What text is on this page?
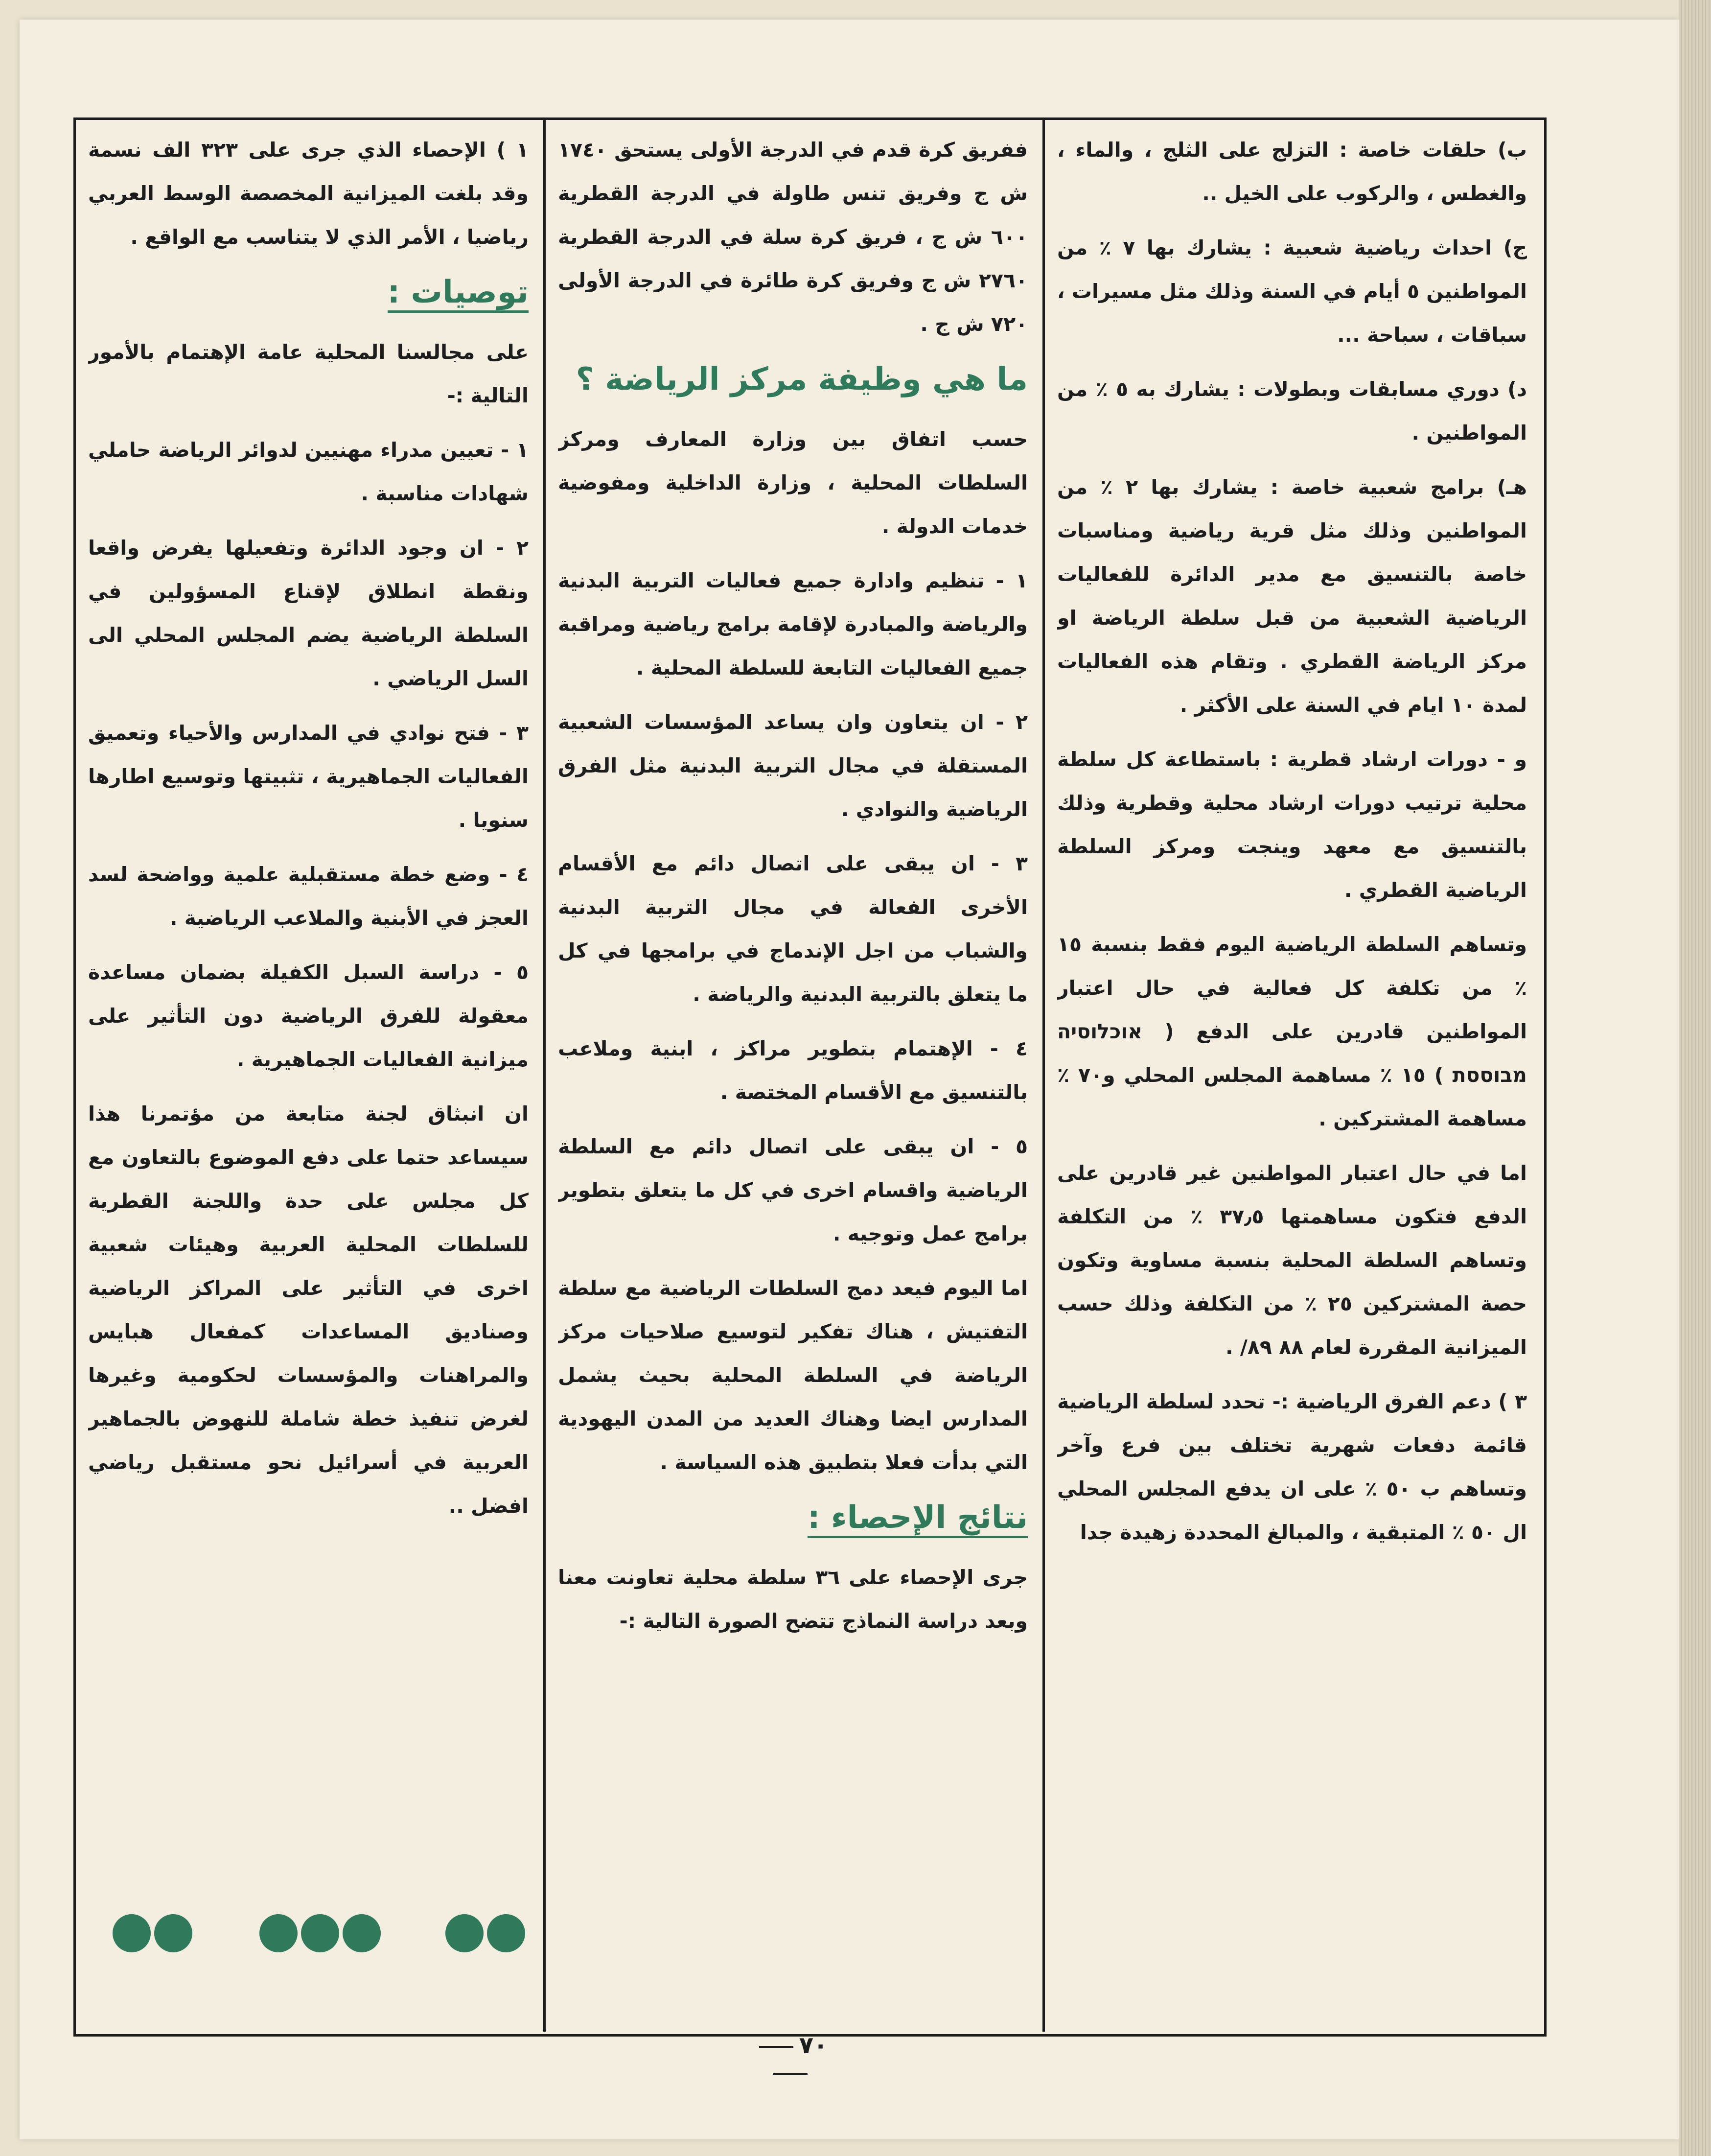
ب) حلقات خاصة : التزلج على الثلج ، والماء ، والغطس ، والركوب على الخيل ..

ج) احداث رياضية شعبية : يشارك بها ٧ ٪ من المواطنين ٥ أيام في السنة وذلك مثل مسيرات ، سباقات ، سباحة ...

د) دوري مسابقات وبطولات : يشارك به ٥ ٪ من المواطنين .

هـ) برامج شعبية خاصة : يشارك بها ٢ ٪ من المواطنين وذلك مثل قرية رياضية ومناسبات خاصة بالتنسيق مع مدير الدائرة للفعاليات الرياضية الشعبية من قبل سلطة الرياضة او مركز الرياضة القطري . وتقام هذه الفعاليات لمدة ١٠ ايام في السنة على الأكثر .

و - دورات ارشاد قطرية : باستطاعة كل سلطة محلية ترتيب دورات ارشاد محلية وقطرية وذلك بالتنسيق مع معهد وينجت ومركز السلطة الرياضية القطري .

وتساهم السلطة الرياضية اليوم فقط بنسبة ١٥ ٪ من تكلفة كل فعالية في حال اعتبار المواطنين قادرين على الدفع ( אוכלוסיה מבוססת ) ١٥ ٪ مساهمة المجلس المحلي و٧٠ ٪ مساهمة المشتركين .

اما في حال اعتبار المواطنين غير قادرين على الدفع فتكون مساهمتها ٣٧٫٥ ٪ من التكلفة وتساهم السلطة المحلية بنسبة مساوية وتكون حصة المشتركين ٢٥ ٪ من التكلفة وذلك حسب الميزانية المقررة لعام ٨٨ ٨٩/ .

٣ ) دعم الفرق الرياضية :- تحدد لسلطة الرياضية قائمة دفعات شهرية تختلف بين فرع وآخر وتساهم ب ٥٠ ٪ على ان يدفع المجلس المحلي ال ٥٠ ٪ المتبقية ، والمبالغ المحددة زهيدة جدا

ففريق كرة قدم في الدرجة الأولى يستحق ١٧٤٠ ش ج وفريق تنس طاولة في الدرجة القطرية ٦٠٠ ش ج ، فريق كرة سلة في الدرجة القطرية ٢٧٦٠ ش ج وفريق كرة طائرة في الدرجة الأولى ٧٢٠ ش ج .

ما هي وظيفة مركز الرياضة ؟

حسب اتفاق بين وزارة المعارف ومركز السلطات المحلية ، وزارة الداخلية ومفوضية خدمات الدولة .

١ - تنظيم وادارة جميع فعاليات التربية البدنية والرياضة والمبادرة لإقامة برامج رياضية ومراقبة جميع الفعاليات التابعة للسلطة المحلية .

٢ - ان يتعاون وان يساعد المؤسسات الشعبية المستقلة في مجال التربية البدنية مثل الفرق الرياضية والنوادي .

٣ - ان يبقى على اتصال دائم مع الأقسام الأخرى الفعالة في مجال التربية البدنية والشباب من اجل الإندماج في برامجها في كل ما يتعلق بالتربية البدنية والرياضة .

٤ - الإهتمام بتطوير مراكز ، ابنية وملاعب بالتنسيق مع الأقسام المختصة .

٥ - ان يبقى على اتصال دائم مع السلطة الرياضية واقسام اخرى في كل ما يتعلق بتطوير برامج عمل وتوجيه .

اما اليوم فيعد دمج السلطات الرياضية مع سلطة التفتيش ، هناك تفكير لتوسيع صلاحيات مركز الرياضة في السلطة المحلية بحيث يشمل المدارس ايضا وهناك العديد من المدن اليهودية التي بدأت فعلا بتطبيق هذه السياسة .

نتائج الإحصاء :

جرى الإحصاء على ٣٦ سلطة محلية تعاونت معنا وبعد دراسة النماذج تتضح الصورة التالية :-

١ ) الإحصاء الذي جرى على ٣٢٣ الف نسمة وقد بلغت الميزانية المخصصة الوسط العربي رياضيا ، الأمر الذي لا يتناسب مع الواقع .

توصيات :

على مجالسنا المحلية عامة الإهتمام بالأمور التالية :-

١ - تعيين مدراء مهنيين لدوائر الرياضة حاملي شهادات مناسبة .

٢ - ان وجود الدائرة وتفعيلها يفرض واقعا ونقطة انطلاق لإقناع المسؤولين في السلطة الرياضية يضم المجلس المحلي الى السل الرياضي .

٣ - فتح نوادي في المدارس والأحياء وتعميق الفعاليات الجماهيرية ، تثبيتها وتوسيع اطارها سنويا .

٤ - وضع خطة مستقبلية علمية وواضحة لسد العجز في الأبنية والملاعب الرياضية .

٥ - دراسة السبل الكفيلة بضمان مساعدة معقولة للفرق الرياضية دون التأثير على ميزانية الفعاليات الجماهيرية .

ان انبثاق لجنة متابعة من مؤتمرنا هذا سيساعد حتما على دفع الموضوع بالتعاون مع كل مجلس على حدة واللجنة القطرية للسلطات المحلية العربية وهيئات شعبية اخرى في التأثير على المراكز الرياضية وصناديق المساعدات كمفعال هبايس والمراهنات والمؤسسات لحكومية وغيرها لغرض تنفيذ خطة شاملة للنهوض بالجماهير العربية في أسرائيل نحو مستقبل رياضي افضل ..

٧٠
